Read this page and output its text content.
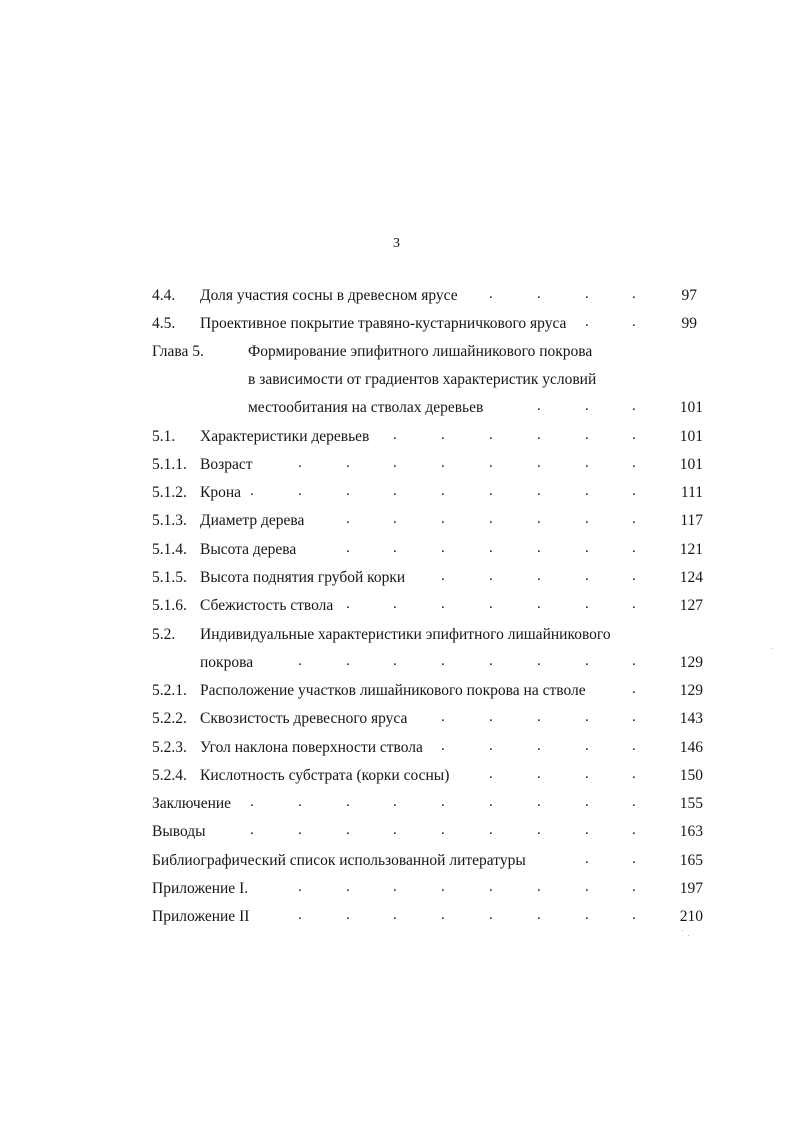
3
4.4. Доля участия сосны в древесном ярусе	97
4.5. Проективное покрытие травяно-кустарничкового яруса	99
Глава 5.	Формирование эпифитного лишайникового покрова
в зависимости от градиентов характеристик условий
местообитания на стволах деревьев	101
5.1. Характеристики деревьев	101
5.1.1. Возраст	101
5.1.2. Крона	111
5.1.3. Диаметр дерева	117
5.1.4. Высота дерева	121
5.1.5. Высота поднятия грубой корки	124
5.1.6. Сбежистость ствола	127
5.2. Индивидуальные характеристики эпифитного лишайникового
покрова	129
5.2.1. Расположение участков лишайникового покрова на стволе	129
5.2.2. Сквозистость древесного яруса	143
5.2.3. Угол наклона поверхности ствола	146
5.2.4. Кислотность субстрата (корки сосны)	150
Заключение	155
Выводы	163
Библиографический список использованной литературы	165
Приложение I.	197
Приложение II	210
.	.	.	.
.	.
.	.	.
.	.	.	.	.	.
.	.	.	.	.	.	.	.
.	.	.	.	.	.	.	.	.
.	.	.	.	.	.	.
.	.	.	.	.	.	.
.	.	.	.	.
.	.	.	.	.	.	.
.	.	.	.	.	.	.	.
.
.	.	.	.	.
.	.	.	.	.
.	.	.	.
.	.	.	.	.	.	.	.	.
.	.	.	.	.	.	.	.	.
.	.
.	.	.	.	.	.	.	.
.	.	.	.	.	.	.	.
